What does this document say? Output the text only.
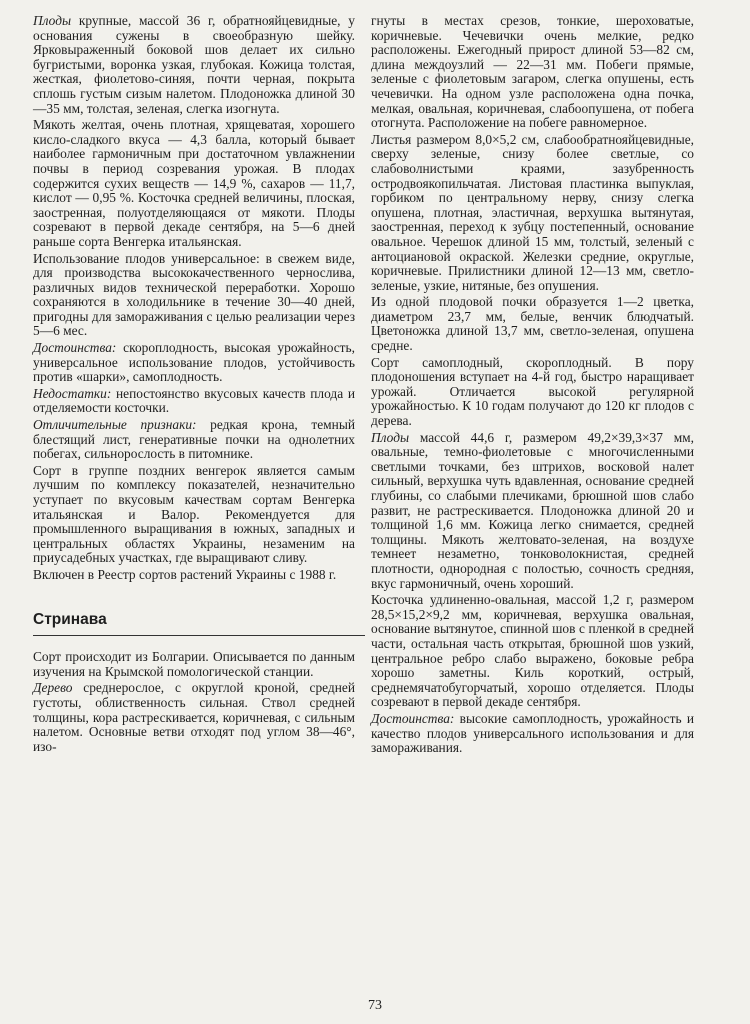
Плоды крупные, массой 36 г, обратнояйцевидные, у основания сужены в своеобразную шейку. Ярковыраженный боковой шов делает их сильно бугристыми, воронка узкая, глубокая. Кожица толстая, жесткая, фиолетово-синяя, почти черная, покрыта сплошь густым сизым налетом. Плодоножка длиной 30—35 мм, толстая, зеленая, слегка изогнута.

Мякоть желтая, очень плотная, хрящеватая, хорошего кисло-сладкого вкуса — 4,3 балла, который бывает наиболее гармоничным при достаточном увлажнении почвы в период созревания урожая. В плодах содержится сухих веществ — 14,9 %, сахаров — 11,7, кислот — 0,95 %. Косточка средней величины, плоская, заостренная, полуотделяющаяся от мякоти. Плоды созревают в первой декаде сентября, на 5—6 дней раньше сорта Венгерка итальянская.

Использование плодов универсальное: в свежем виде, для производства высококачественного чернослива, различных видов технической переработки. Хорошо сохраняются в холодильнике в течение 30—40 дней, пригодны для замораживания с целью реализации через 5—6 мес.

Достоинства: скороплодность, высокая урожайность, универсальное использование плодов, устойчивость против «шарки», самоплодность.

Недостатки: непостоянство вкусовых качеств плода и отделяемости косточки.

Отличительные признаки: редкая крона, темный блестящий лист, генеративные почки на однолетних побегах, сильнорослость в питомнике.

Сорт в группе поздних венгерок является самым лучшим по комплексу показателей, незначительно уступает по вкусовым качествам сортам Венгерка итальянская и Валор. Рекомендуется для промышленного выращивания в южных, западных и центральных областях Украины, незаменим на приусадебных участках, где выращивают сливу.

Включен в Реестр сортов растений Украины с 1988 г.

Стринава

Сорт происходит из Болгарии. Описывается по данным изучения на Крымской помологической станции.

Дерево среднерослое, с округлой кроной, средней густоты, облиственность сильная. Ствол средней толщины, кора растрескивается, коричневая, с сильным налетом. Основные ветви отходят под углом 38—46°, изо-

гнуты в местах срезов, тонкие, шероховатые, коричневые. Чечевички очень мелкие, редко расположены. Ежегодный прирост длиной 53—82 см, длина междоузлий — 22—31 мм. Побеги прямые, зеленые с фиолетовым загаром, слегка опушены, есть чечевички. На одном узле расположена одна почка, мелкая, овальная, коричневая, слабоопушена, от побега отогнута. Расположение на побеге равномерное.

Листья размером 8,0×5,2 см, слабообратнояйцевидные, сверху зеленые, снизу более светлые, со слабоволнистыми краями, зазубренность остродвоякопильчатая. Листовая пластинка выпуклая, горбиком по центральному нерву, снизу слегка опушена, плотная, эластичная, верхушка вытянутая, заостренная, переход к зубцу постепенный, основание овальное. Черешок длиной 15 мм, толстый, зеленый с антоциановой окраской. Железки средние, округлые, коричневые. Прилистники длиной 12—13 мм, светло-зеленые, узкие, нитяные, без опушения.

Из одной плодовой почки образуется 1—2 цветка, диаметром 23,7 мм, белые, венчик блюдчатый. Цветоножка длиной 13,7 мм, светло-зеленая, опушена средне.

Сорт самоплодный, скороплодный. В пору плодоношения вступает на 4-й год, быстро наращивает урожай. Отличается высокой регулярной урожайностью. К 10 годам получают до 120 кг плодов с дерева.

Плоды массой 44,6 г, размером 49,2×39,3×37 мм, овальные, темно-фиолетовые с многочисленными светлыми точками, без штрихов, восковой налет сильный, верхушка чуть вдавленная, основание средней глубины, со слабыми плечиками, брюшной шов слабо развит, не растрескивается. Плодоножка длиной 20 и толщиной 1,6 мм. Кожица легко снимается, средней толщины. Мякоть желтовато-зеленая, на воздухе темнеет незаметно, тонковолокнистая, средней плотности, однородная с полостью, сочность средняя, вкус гармоничный, очень хороший.

Косточка удлиненно-овальная, массой 1,2 г, размером 28,5×15,2×9,2 мм, коричневая, верхушка овальная, основание вытянутое, спинной шов с пленкой в средней части, остальная часть открытая, брюшной шов узкий, центральное ребро слабо выражено, боковые ребра хорошо заметны. Киль короткий, острый, среднемячатобугорчатый, хорошо отделяется. Плоды созревают в первой декаде сентября.

Достоинства: высокие самоплодность, урожайность и качество плодов универсального использования и для замораживания.

73
